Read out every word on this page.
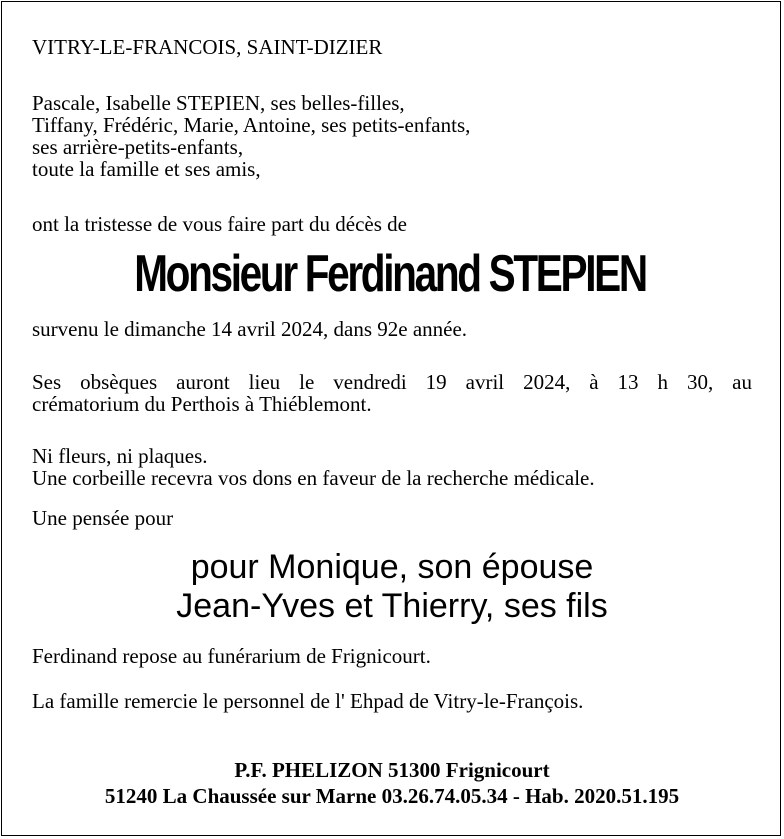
VITRY-LE-FRANCOIS, SAINT-DIZIER
Pascale, Isabelle STEPIEN, ses belles-filles,
Tiffany, Frédéric, Marie, Antoine, ses petits-enfants,
ses arrière-petits-enfants,
toute la famille et ses amis,
ont la tristesse de vous faire part du décès de
Monsieur Ferdinand STEPIEN
survenu le dimanche 14 avril 2024, dans 92e année.
Ses obsèques auront lieu le vendredi 19 avril 2024, à 13 h 30, au
crématorium du Perthois à Thiéblemont.
Ni fleurs, ni plaques.
Une corbeille recevra vos dons en faveur de la recherche médicale.
Une pensée pour
pour Monique, son épouse
Jean-Yves et Thierry, ses fils
Ferdinand repose au funérarium de Frignicourt.
La famille remercie le personnel de l' Ehpad de Vitry-le-François.
P.F. PHELIZON 51300 Frignicourt
51240 La Chaussée sur Marne 03.26.74.05.34 - Hab. 2020.51.195
